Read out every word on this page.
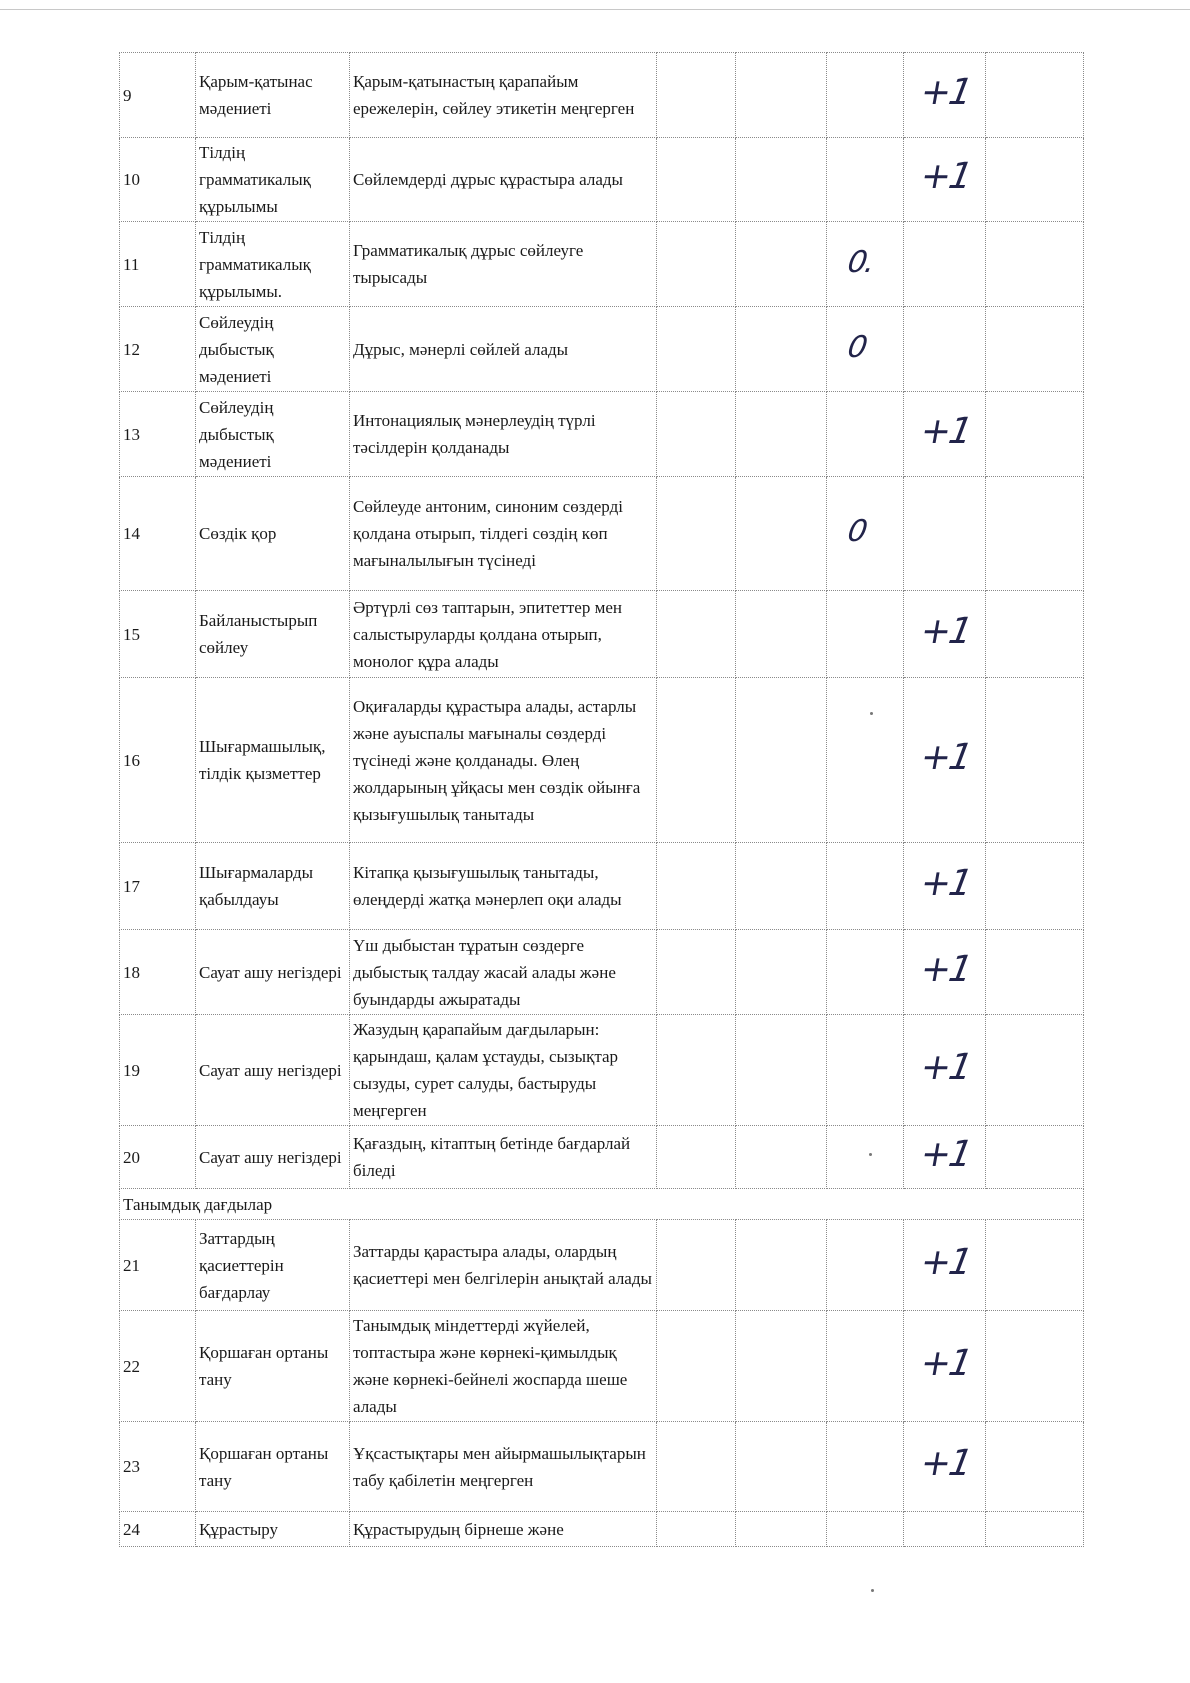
9	Қарым-қатынас мәдениеті	Қарым-қатынастың қарапайым ережелерін, сөйлеу этикетін меңгерген				+1	
10	Тілдің грамматикалық құрылымы	Сөйлемдерді дұрыс құрастыра алады				+1	
11	Тілдің грамматикалық құрылымы.	Грамматикалық дұрыс сөйлеуге тырысады			0.		
12	Сөйлеудің дыбыстық мәдениеті	Дұрыс, мәнерлі сөйлей алады			0		
13	Сөйлеудің дыбыстық мәдениеті	Интонациялық мәнерлеудің түрлі тәсілдерін қолданады				+1	
14	Сөздік қор	Сөйлеуде антоним, синоним сөздерді қолдана отырып, тілдегі сөздің көп мағыналылығын түсінеді			0		
15	Байланыстырып сөйлеу	Әртүрлі сөз таптарын, эпитеттер мен салыстыруларды қолдана отырып, монолог құра алады				+1	
16	Шығармашылық, тілдік қызметтер	Оқиғаларды құрастыра алады, астарлы және ауыспалы мағыналы сөздерді түсінеді және қолданады. Өлең жолдарының ұйқасы мен сөздік ойынға қызығушылық танытады				+1	
17	Шығармаларды қабылдауы	Кітапқа қызығушылық танытады, өлеңдерді жатқа мәнерлеп оқи алады				+1	
18	Сауат ашу негіздері	Үш дыбыстан тұратын сөздерге дыбыстық талдау жасай алады және буындарды ажыратады				+1	
19	Сауат ашу негіздері	Жазудың қарапайым дағдыларын: қарындаш, қалам ұстауды, сызықтар сызуды, сурет салуды, бастыруды меңгерген				+1	
20	Сауат ашу негіздері	Қағаздың, кітаптың бетінде бағдарлай біледі				+1	
Танымдық дағдылар							
21	Заттардың қасиеттерін бағдарлау	Заттарды қарастыра алады, олардың қасиеттері мен белгілерін анықтай алады				+1	
22	Қоршаған ортаны тану	Танымдық міндеттерді жүйелей, топтастыра және көрнекі-қимылдық және көрнекі-бейнелі жоспарда шеше алады				+1	
23	Қоршаған ортаны тану	Ұқсастықтары мен айырмашылықтарын табу қабілетін меңгерген				+1	
24	Құрастыру	Құрастырудың бірнеше және					
